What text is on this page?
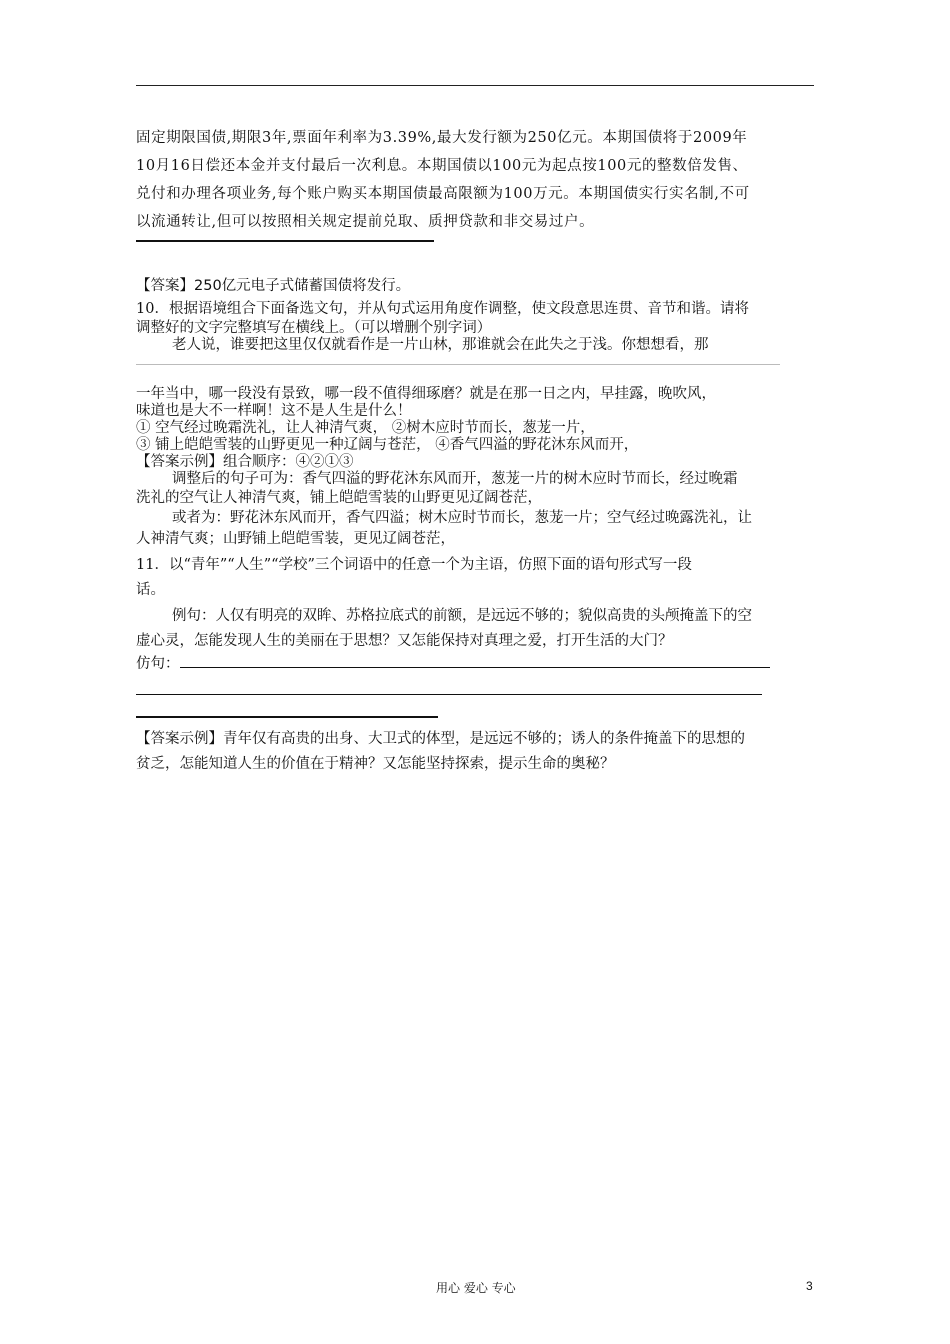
固定期限国债,期限3年,票面年利率为3.39%,最大发行额为250亿元。本期国债将于2009年
10月16日偿还本金并支付最后一次利息。本期国债以100元为起点按100元的整数倍发售、
兑付和办理各项业务,每个账户购买本期国债最高限额为100万元。本期国债实行实名制,不可
以流通转让,但可以按照相关规定提前兑取、质押贷款和非交易过户。
【答案】250亿元电子式储蓄国债将发行。
10．根据语境组合下面备选文句，并从句式运用角度作调整，使文段意思连贯、音节和谐。请将
调整好的文字完整填写在横线上。（可以增删个别字词）
老人说，谁要把这里仅仅就看作是一片山林，那谁就会在此失之于浅。你想想看，那
一年当中，哪一段没有景致，哪一段不值得细琢磨？就是在那一日之内，早挂露，晚吹风，
味道也是大不一样啊！这不是人生是什么！
① 空气经过晚霜洗礼，让人神清气爽， ②树木应时节而长，葱茏一片，
③ 铺上皑皑雪装的山野更见一种辽阔与苍茫， ④香气四溢的野花沐东风而开，
【答案示例】组合顺序：④②①③
调整后的句子可为：香气四溢的野花沐东风而开，葱茏一片的树木应时节而长，经过晚霜
洗礼的空气让人神清气爽，铺上皑皑雪装的山野更见辽阔苍茫，
或者为：野花沐东风而开，香气四溢；树木应时节而长，葱茏一片；空气经过晚露洗礼，让
人神清气爽；山野铺上皑皑雪装，更见辽阔苍茫，
11．以“青年”“人生”“学校”三个词语中的任意一个为主语，仿照下面的语句形式写一段
话。
例句：人仅有明亮的双眸、苏格拉底式的前额，是远远不够的；貌似高贵的头颅掩盖下的空
虚心灵，怎能发现人生的美丽在于思想？又怎能保持对真理之爱，打开生活的大门？
仿句：
【答案示例】青年仅有高贵的出身、大卫式的体型，是远远不够的；诱人的条件掩盖下的思想的
贫乏，怎能知道人生的价值在于精神？又怎能坚持探索，提示生命的奥秘？
用心 爱心 专心	3
